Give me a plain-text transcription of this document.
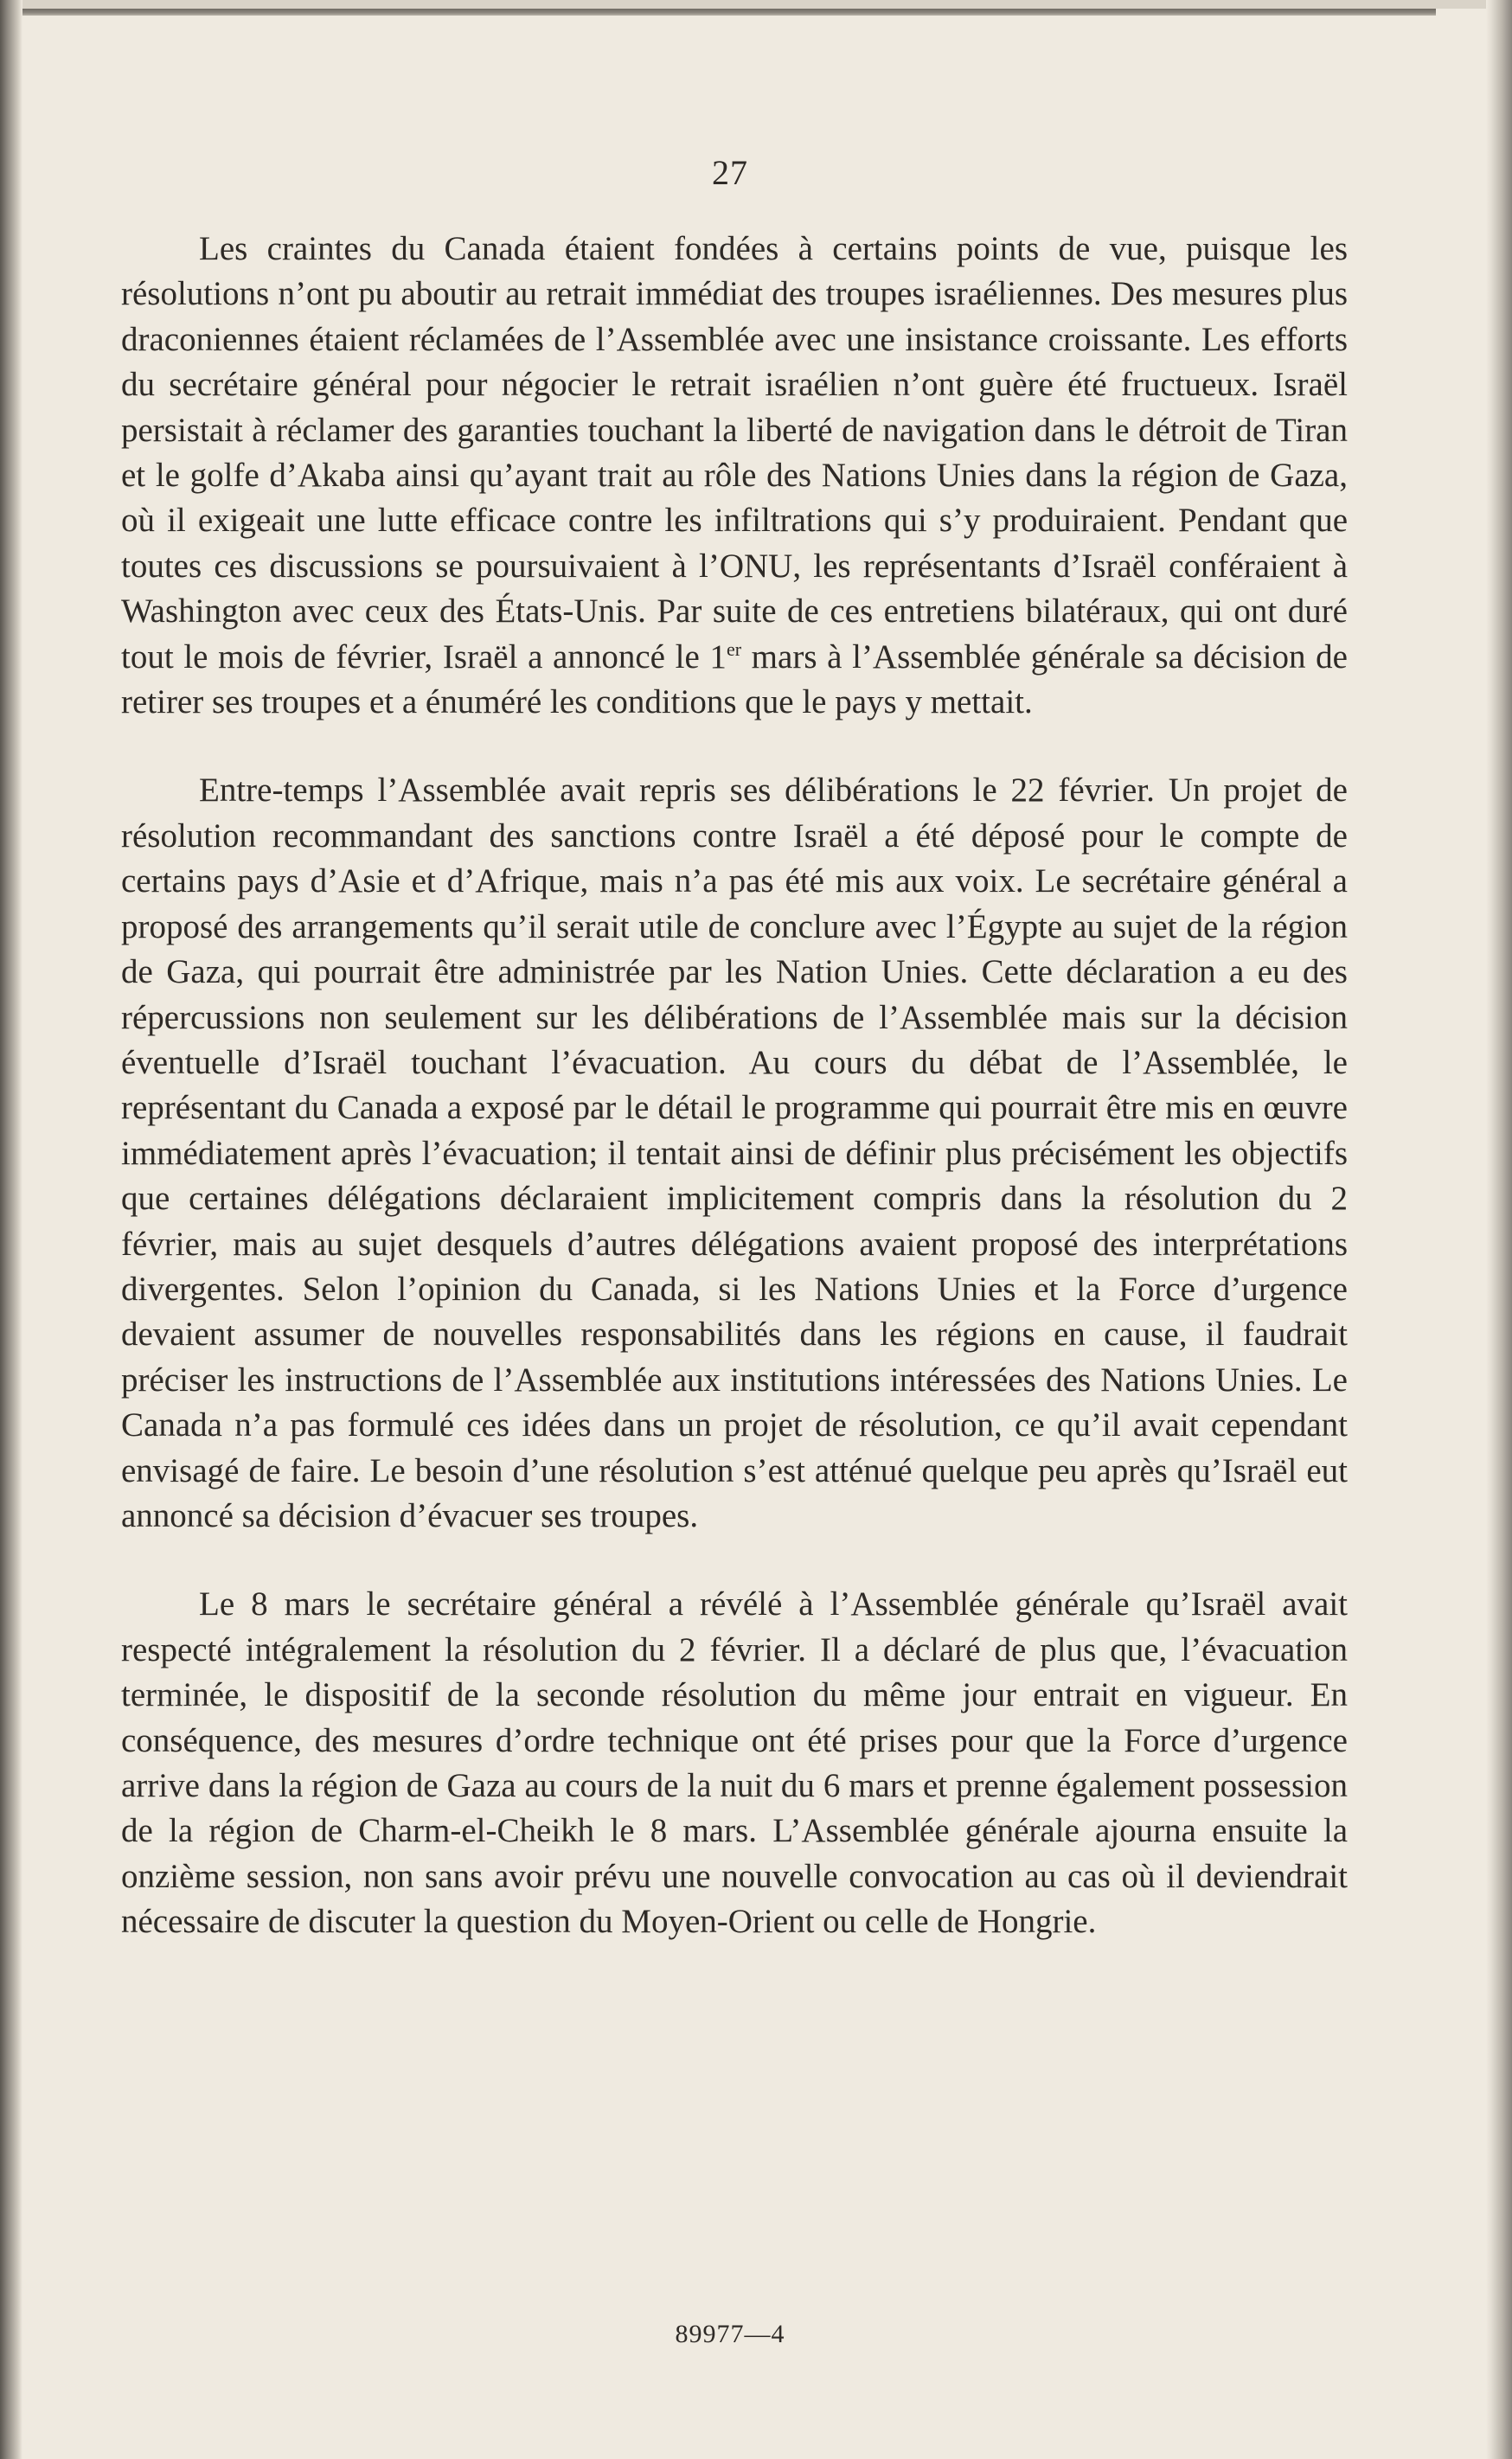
27

Les craintes du Canada étaient fondées à certains points de vue, puisque les résolutions n’ont pu aboutir au retrait immédiat des troupes israéliennes. Des mesures plus draconiennes étaient réclamées de l’Assemblée avec une insistance croissante. Les efforts du secrétaire général pour négocier le retrait israélien n’ont guère été fructueux. Israël persistait à réclamer des garanties touchant la liberté de navigation dans le détroit de Tiran et le golfe d’Akaba ainsi qu’ayant trait au rôle des Nations Unies dans la région de Gaza, où il exigeait une lutte efficace contre les infiltrations qui s’y produiraient. Pendant que toutes ces discussions se poursuivaient à l’ONU, les représentants d’Israël conféraient à Washington avec ceux des États-Unis. Par suite de ces entretiens bilatéraux, qui ont duré tout le mois de février, Israël a annoncé le 1er mars à l’Assemblée générale sa décision de retirer ses troupes et a énuméré les conditions que le pays y mettait.

Entre-temps l’Assemblée avait repris ses délibérations le 22 février. Un projet de résolution recommandant des sanctions contre Israël a été déposé pour le compte de certains pays d’Asie et d’Afrique, mais n’a pas été mis aux voix. Le secrétaire général a proposé des arrangements qu’il serait utile de conclure avec l’Égypte au sujet de la région de Gaza, qui pourrait être administrée par les Nation Unies. Cette déclaration a eu des répercussions non seulement sur les délibérations de l’Assemblée mais sur la décision éventuelle d’Israël touchant l’évacuation. Au cours du débat de l’Assemblée, le représentant du Canada a exposé par le détail le programme qui pourrait être mis en œuvre immédiatement après l’évacuation; il tentait ainsi de définir plus précisément les objectifs que certaines délégations déclaraient implicitement compris dans la résolution du 2 février, mais au sujet desquels d’autres délégations avaient proposé des interprétations divergentes. Selon l’opinion du Canada, si les Nations Unies et la Force d’urgence devaient assumer de nouvelles responsabilités dans les régions en cause, il faudrait préciser les instructions de l’Assemblée aux institutions intéressées des Nations Unies. Le Canada n’a pas formulé ces idées dans un projet de résolution, ce qu’il avait cependant envisagé de faire. Le besoin d’une résolution s’est atténué quelque peu après qu’Israël eut annoncé sa décision d’évacuer ses troupes.

Le 8 mars le secrétaire général a révélé à l’Assemblée générale qu’Israël avait respecté intégralement la résolution du 2 février. Il a déclaré de plus que, l’évacuation terminée, le dispositif de la seconde résolution du même jour entrait en vigueur. En conséquence, des mesures d’ordre technique ont été prises pour que la Force d’urgence arrive dans la région de Gaza au cours de la nuit du 6 mars et prenne également possession de la région de Charm-el-Cheikh le 8 mars. L’Assemblée générale ajourna ensuite la onzième session, non sans avoir prévu une nouvelle convocation au cas où il deviendrait nécessaire de discuter la question du Moyen-Orient ou celle de Hongrie.

89977—4
